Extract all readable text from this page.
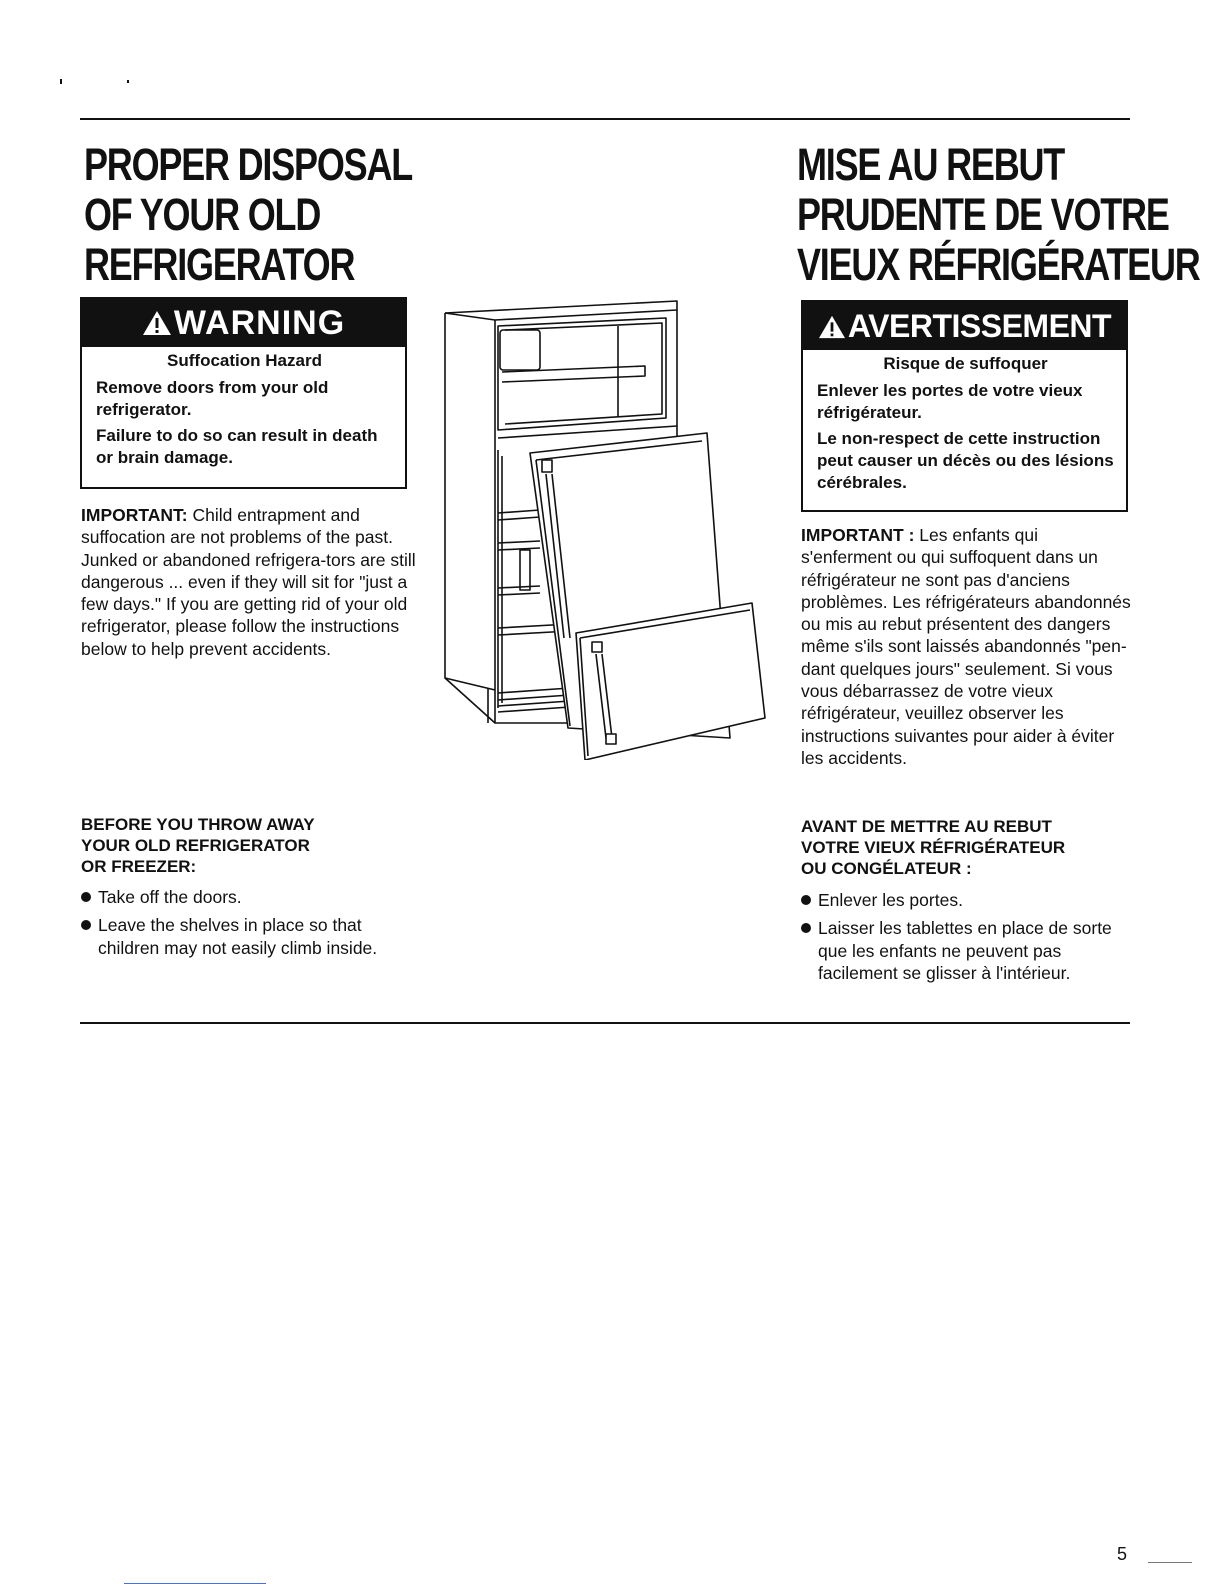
PROPER DISPOSAL
OF YOUR OLD
REFRIGERATOR
WARNING

Suffocation Hazard

Remove doors from your old refrigerator.

Failure to do so can result in death or brain damage.

IMPORTANT: Child entrapment and suffocation are not problems of the past. Junked or abandoned refrigera-tors are still dangerous ... even if they will sit for "just a few days." If you are getting rid of your old refrigerator, please follow the instructions below to help prevent accidents.

BEFORE YOU THROW AWAY
YOUR OLD REFRIGERATOR
OR FREEZER:

Take off the doors.
Leave the shelves in place so that children may not easily climb inside.
MISE AU REBUT
PRUDENTE DE VOTRE
VIEUX RÉFRIGÉRATEUR
AVERTISSEMENT

Risque de suffoquer

Enlever les portes de votre vieux réfrigérateur.

Le non-respect de cette instruction peut causer un décès ou des lésions cérébrales.

IMPORTANT : Les enfants qui s'enferment ou qui suffoquent dans un réfrigérateur ne sont pas d'anciens problèmes. Les réfrigérateurs abandonnés ou mis au rebut présentent des dangers même s'ils sont laissés abandonnés "pen-dant quelques jours" seulement. Si vous vous débarrassez de votre vieux réfrigérateur, veuillez observer les instructions suivantes pour aider à éviter les accidents.

AVANT DE METTRE AU REBUT
VOTRE VIEUX RÉFRIGÉRATEUR
OU CONGÉLATEUR :

Enlever les portes.
Laisser les tablettes en place de sorte que les enfants ne peuvent pas facilement se glisser à l'intérieur.
5
